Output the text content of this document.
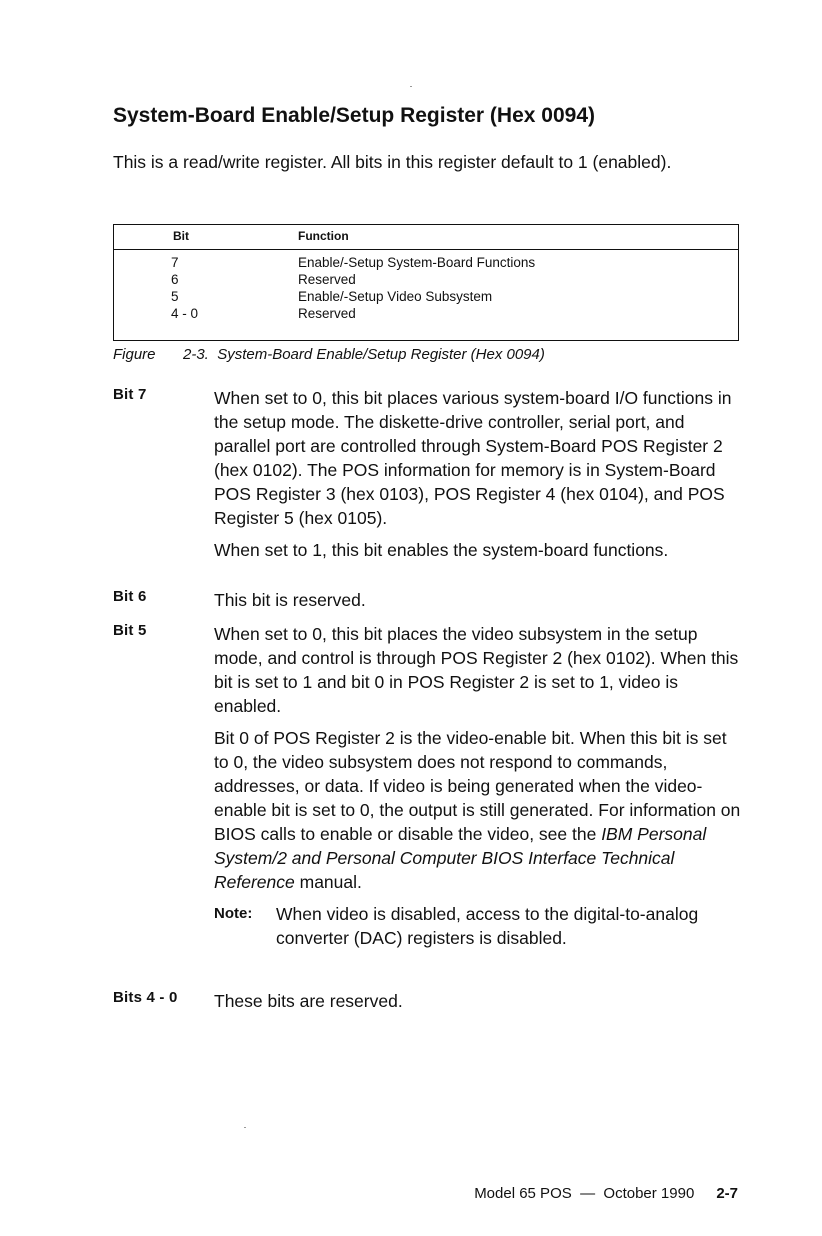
System-Board Enable/Setup Register (Hex 0094)

This is a read/write register. All bits in this register default to 1 (enabled).

Bit	Function
7	Enable/-Setup System-Board Functions
6	Reserved
5	Enable/-Setup Video Subsystem
4 - 0	Reserved

Figure 2-3. System-Board Enable/Setup Register (Hex 0094)

Bit 7	When set to 0, this bit places various system-board I/O functions in the setup mode. The diskette-drive controller, serial port, and parallel port are controlled through System-Board POS Register 2 (hex 0102). The POS information for memory is in System-Board POS Register 3 (hex 0103), POS Register 4 (hex 0104), and POS Register 5 (hex 0105).

When set to 1, this bit enables the system-board functions.

Bit 6	This bit is reserved.

Bit 5	When set to 0, this bit places the video subsystem in the setup mode, and control is through POS Register 2 (hex 0102). When this bit is set to 1 and bit 0 in POS Register 2 is set to 1, video is enabled.

Bit 0 of POS Register 2 is the video-enable bit. When this bit is set to 0, the video subsystem does not respond to commands, addresses, or data. If video is being generated when the video-enable bit is set to 0, the output is still generated. For information on BIOS calls to enable or disable the video, see the IBM Personal System/2 and Personal Computer BIOS Interface Technical Reference manual.

Note: When video is disabled, access to the digital-to-analog converter (DAC) registers is disabled.
Bits 4 - 0 These bits are reserved.

Model 65 POS  —  October 1990 2-7
